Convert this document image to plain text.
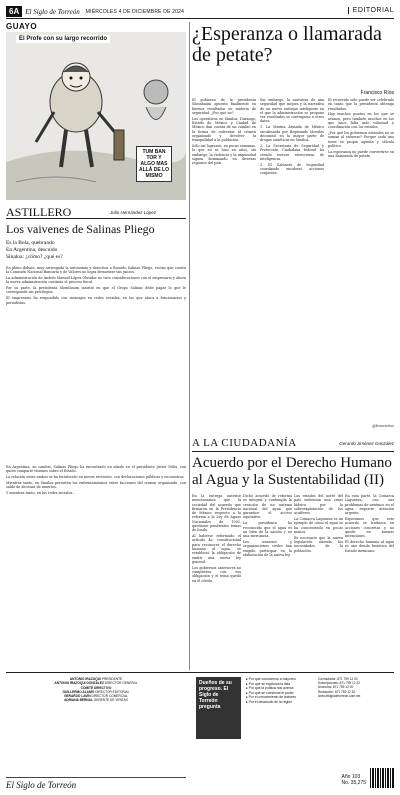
6A El Siglo de Torreón MIÉRCOLES 4 DE DICIEMBRE DE 2024	EDITORIAL
GUAYO
El Profe con su largo recorrido
TUM BAN TOR Y ALGO MAS ALLÁ DE LO MISMO
¿Esperanza o llamarada de petate?
Francisco Ríos

El gobierno de la presidenta Sheinbaum apuesto finalmente en buenos resultados en materia de seguridad. ¿Por qué no?

Los operativos en Sinaloa, Durango, Estado de México y Ciudad de México dan cuenta de un cambio en la forma de enfrentar al crimen organizado y devolver la tranquilidad a la población.

Sólo así lograron, en pocas semanas, lo que no se hizo en años, sin embargo, la violencia y la impunidad siguen dominando en diversas regiones del país.

Sin embargo, la narrativa de una seguridad que mejora y la narrativa de un nuevo enfoque inteligente en el que la administración se propone ver resultados se contrapone a otros datos.

1. La Marina Armada de México encabezada por Raymundo Morales decomisó en la mayor parte de drogas sintéticas en Sinaloa.

2. La Secretaría de Seguridad y Protección Ciudadana federal ha creado nuevas estructuras de inteligencia.

3. El Gabinete de Seguridad coordinado encabezó acciones conjuntas.

El recorrido sólo puede ser celebrado en tanto que la presidenta obtenga resultados.

Hay muchos puntos en los que se avanza, pero también muchos en los que hace falta más voluntad y coordinación con los estados.

¿Por qué los gobiernos estatales no se suman al esfuerzo? Porque cada uno tiene su propia agenda y cálculo político.

La esperanza no puede convertirse en una llamarada de petate.

@francisrios
ASTILLERO	Julio Hernández López
Los vaivenes de Salinas Pliego
Es la Bola, quebrando
En Argentina, descuido
Sinaloa: ¿cómo? ¿qué es?

En pleno debate, muy arriesgada la autonomía y derechos a Ricardo Salinas Pliego, vecino que contra la Comisión Nacional Bancaria y de Valores no logra demostrar sus juicios.

La administración de Andrés Manuel López Obrador no tuvo consideraciones con el empresario y ahora la nueva administración continúa el proceso fiscal.

Por su parte, la presidenta Sheinbaum insistió en que el Grupo Salinas debe pagar lo que le corresponde sin privilegios.

El empresario ha respondido con mensajes en redes sociales, en los que ataca a funcionarios y periodistas.

En Argentina, en cambio, Salinas Pliego ha encontrado un aliado en el presidente Javier Milei, con quien comparte visiones sobre el Estado.

La relación entre ambos se ha fortalecido en meses recientes, con declaraciones públicas y encuentros.

Mientras tanto, en Sinaloa persisten los enfrentamientos entre facciones del crimen organizado, con saldo de decenas de muertos.

Y mientras tanto, en las redes sociales...

A LA CIUDADANÍA	Gerardo Jiménez González
Acuerdo por el Derecho Humano al Agua y la Sustentabilidad (II)

En la entrega anterior mencionamos que la sociedad del acuerdo que firmaron en la Presidencia de México respecto a la reforma a la Ley de Aguas Nacionales de 1992, quedaron pendientes temas de fondo.

Al haberse reformado el artículo 4o. constitucional para reconocer el derecho humano al agua, se estableció la obligación de emitir una nueva ley general.

Los gobiernos anteriores no cumplieron con esa obligación y el tema quedó en el olvido.

Dicho acuerdo de reforma es integral y contempla la creación de un sistema nacional del agua que garantice el acceso equitativo.

La presidenta ha reconocido que el agua es un bien de la nación y no una mercancía.

Los usuarios y organizaciones civiles han exigido participar en la elaboración de la nueva ley.

Los estados del norte del país enfrentan una crisis hídrica por la sobreexplotación de los acuíferos.

La Comarca Lagunera es un ejemplo de cómo el agua se ha concentrado en pocas manos.

Es necesario que la nueva legislación atienda las necesidades de la población.

En esta parte, la Comarca Lagunera, con sus problemas de arsénico en el agua, requiere atención urgente.

Esperamos que este acuerdo se traduzca en acciones concretas y no quede en buenas intenciones.

El derecho humano al agua es una deuda histórica del Estado mexicano.

ANTONIO IRAZOQUI PRESIDENTE
ANTONIO IRAZOQUI GONZÁLEZ DIRECTOR GENERAL
COMITÉ DIRECTIVO
GUILLERMO ALANÍS DIRECTOR EDITORIAL
GERARDO LAVÍN DIRECTOR COMERCIAL
ADRIANA BERNAL GERENTE DE VENTAS
El Siglo de Torreón
Dueños de su progreso. El Siglo de Torreón pregunta
▸ Por qué conocemos a mayoreo
▸ Por qué se equivoca la lista
▸ Por qué la política nos acerca
▸ Por qué se cuestiona el poder
▸ Por el conocimiento de lectores
▸ Por el desarrollo de la región
Conmutador: 871 759 12 00
Suscripciones: 871 759 12 22
Anuncios: 871 759 12 20
Redacción: 871 759 12 30
www.elsiglodetorreon.com.mx
Año 103
No. 35,275
